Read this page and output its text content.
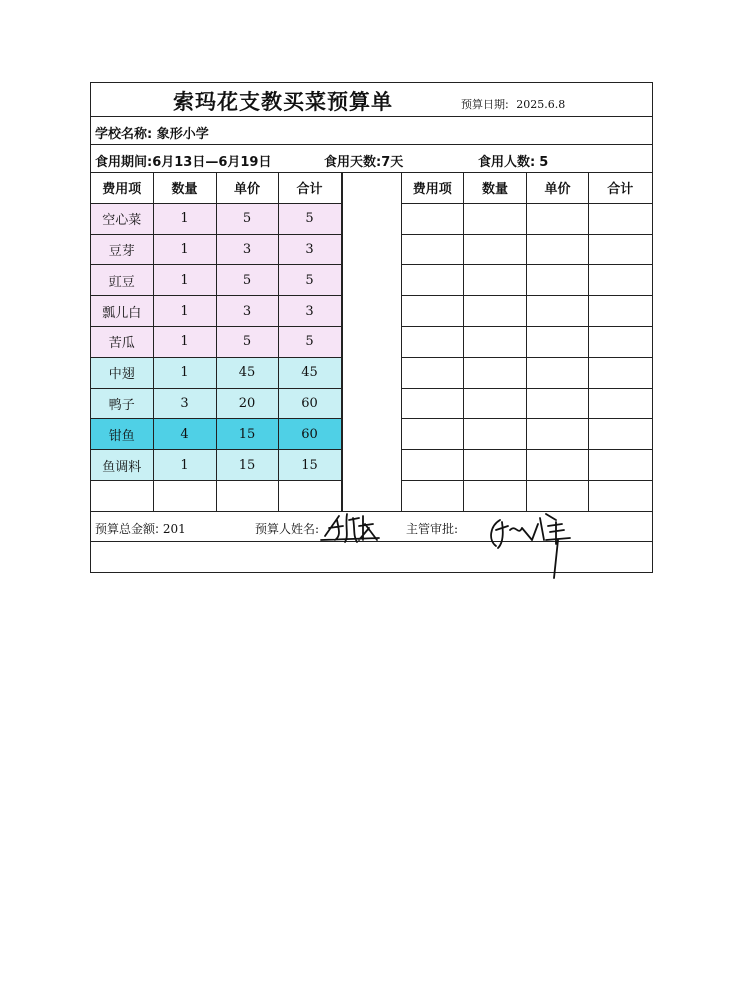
索玛花支教买菜预算单	预算日期: 2025.6.8
学校名称: 象形小学
食用期间:6月13日—6月19日	食用天数:7天	食用人数: 5
费用项	数量	单价	合计
空心菜	1	5	5
豆芽	1	3	3
豇豆	1	5	5
瓢儿白	1	3	3
苦瓜	1	5	5
中翅	1	45	45
鸭子	3	20	60
钳鱼	4	15	60
鱼调料	1	15	15

费用项	数量	单价	合计

预算总金额: 201	预算人姓名:	主管审批:
